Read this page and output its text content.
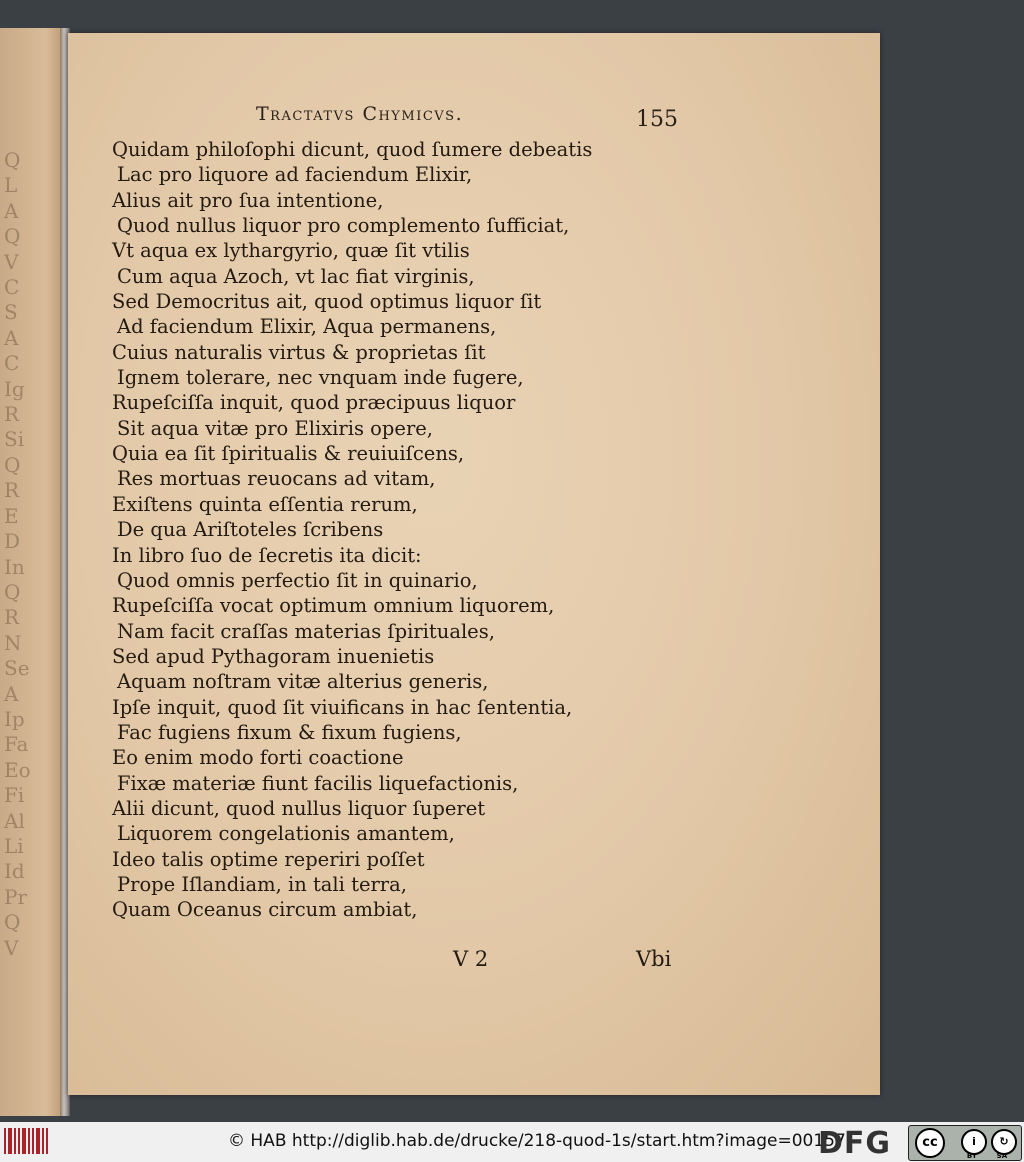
Q
L
A
Q
V
C
S
A
C
Ig
R
Si
Q
R
E
D
In
Q
R
N
Se
A
Ip
Fa
Eo
Fi
Al
Li
Id
Pr
Q
V
Tractatvs Chymicvs.	155
Quidam philoſophi dicunt, quod ſumere debeatis
Lac pro liquore ad faciendum Elixir,
Alius ait pro ſua intentione,
Quod nullus liquor pro complemento ſufficiat,
Vt aqua ex lythargyrio, quæ ſit vtilis
Cum aqua Azoch, vt lac fiat virginis,
Sed Democritus ait, quod optimus liquor ſit
Ad faciendum Elixir, Aqua permanens,
Cuius naturalis virtus & proprietas ſit
Ignem tolerare, nec vnquam inde fugere,
Rupeſciſſa inquit, quod præcipuus liquor
Sit aqua vitæ pro Elixiris opere,
Quia ea ſit ſpiritualis & reuiuiſcens,
Res mortuas reuocans ad vitam,
Exiſtens quinta eſſentia rerum,
De qua Ariſtoteles ſcribens
In libro ſuo de ſecretis ita dicit:
Quod omnis perfectio ſit in quinario,
Rupeſciſſa vocat optimum omnium liquorem,
Nam facit craſſas materias ſpirituales,
Sed apud Pythagoram inuenietis
Aquam noſtram vitæ alterius generis,
Ipſe inquit, quod ſit viuificans in hac ſententia,
Fac fugiens fixum & fixum fugiens,
Eo enim modo forti coactione
Fixæ materiæ fiunt facilis liquefactionis,
Alii dicunt, quod nullus liquor ſuperet
Liquorem congelationis amantem,
Ideo talis optime reperiri poſſet
Prope Iſlandiam, in tali terra,
Quam Oceanus circum ambiat,
V 2	Vbi
© HAB http://diglib.hab.de/drucke/218-quod-1s/start.htm?image=00157
DFG	cc	i	↻
BY	SA
